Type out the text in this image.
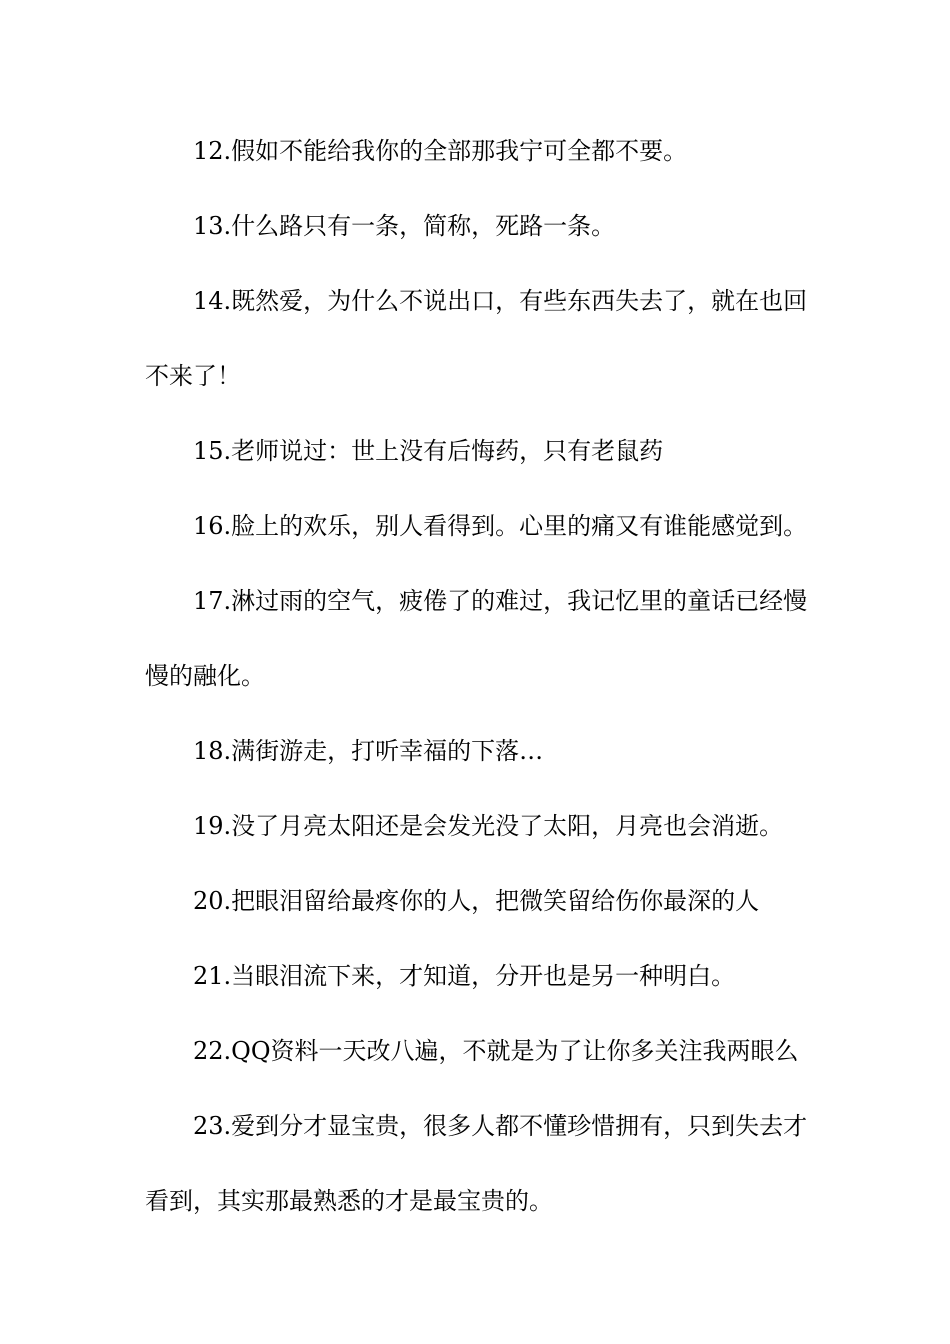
12.假如不能给我你的全部那我宁可全都不要。

13.什么路只有一条，简称，死路一条。

14.既然爱，为什么不说出口，有些东西失去了，就在也回不来了！

15.老师说过：世上没有后悔药，只有老鼠药

16.脸上的欢乐，别人看得到。心里的痛又有谁能感觉到。

17.淋过雨的空气，疲倦了的难过，我记忆里的童话已经慢慢的融化。

18.满街游走，打听幸福的下落…

19.没了月亮太阳还是会发光没了太阳，月亮也会消逝。

20.把眼泪留给最疼你的人，把微笑留给伤你最深的人

21.当眼泪流下来，才知道，分开也是另一种明白。

22.QQ资料一天改八遍，不就是为了让你多关注我两眼么

23.爱到分才显宝贵，很多人都不懂珍惜拥有，只到失去才看到，其实那最熟悉的才是最宝贵的。
